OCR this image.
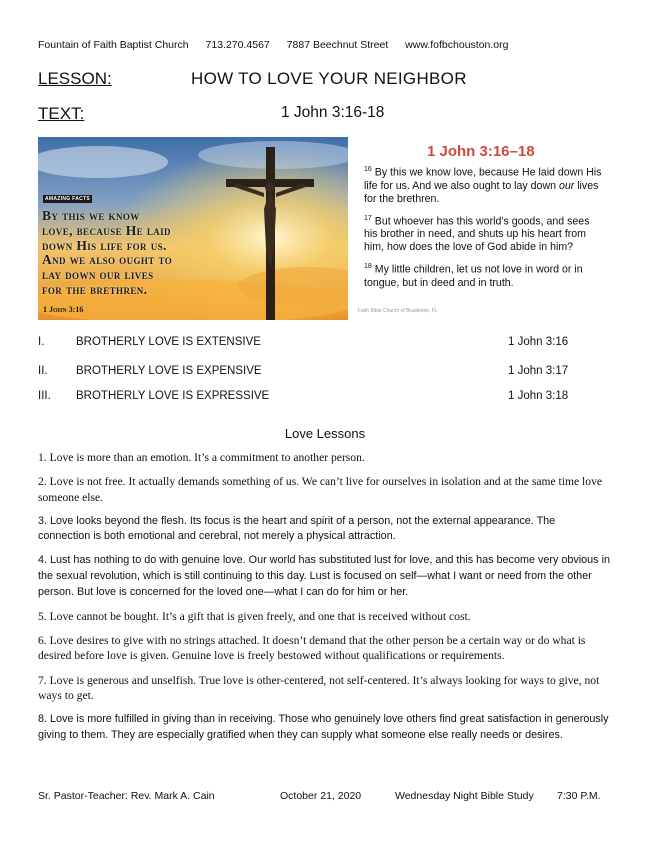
Fountain of Faith Baptist Church 713.270.4567 7887 Beechnut Street www.fofbchouston.org
LESSON:	HOW TO LOVE YOUR NEIGHBOR
TEXT:	1 John 3:16-18
AMAZING FACTS
By this we know
love, because He laid
down His life for us.
And we also ought to
lay down our lives
for the brethren.
1 John 3:16
1 John 3:16–18

$^{16}$ By this we know love, because He laid down His life for us. And we also ought to lay down our lives for the brethren.

$^{17}$ But whoever has this world’s goods, and sees his brother in need, and shuts up his heart from him, how does the love of God abide in him?

$^{18}$ My little children, let us not love in word or in tongue, but in deed and in truth.

Faith Bible Church of Bradenton, FL
I.	BROTHERLY LOVE IS EXTENSIVE	1 John 3:16
II. BROTHERLY LOVE IS EXPENSIVE	1 John 3:17
III. BROTHERLY LOVE IS EXPRESSIVE	1 John 3:18
Love Lessons

1. Love is more than an emotion. It’s a commitment to another person.

2. Love is not free. It actually demands something of us. We can’t live for ourselves in isolation and at the same time love someone else.

3. Love looks beyond the flesh. Its focus is the heart and spirit of a person, not the external appearance. The connection is both emotional and cerebral, not merely a physical attraction.

4. Lust has nothing to do with genuine love. Our world has substituted lust for love, and this has become very obvious in the sexual revolution, which is still continuing to this day. Lust is focused on self—what I want or need from the other person. But love is concerned for the loved one—what I can do for him or her.

5. Love cannot be bought. It’s a gift that is given freely, and one that is received without cost.

6. Love desires to give with no strings attached. It doesn’t demand that the other person be a certain way or do what is desired before love is given. Genuine love is freely bestowed without qualifications or requirements.

7. Love is generous and unselfish. True love is other-centered, not self-centered. It’s always looking for ways to give, not ways to get.

8. Love is more fulfilled in giving than in receiving. Those who genuinely love others find great satisfaction in generously giving to them. They are especially gratified when they can supply what someone else really needs or desires.

Sr. Pastor-Teacher: Rev. Mark A. Cain	October 21, 2020	Wednesday Night Bible Study 7:30 P.M.
